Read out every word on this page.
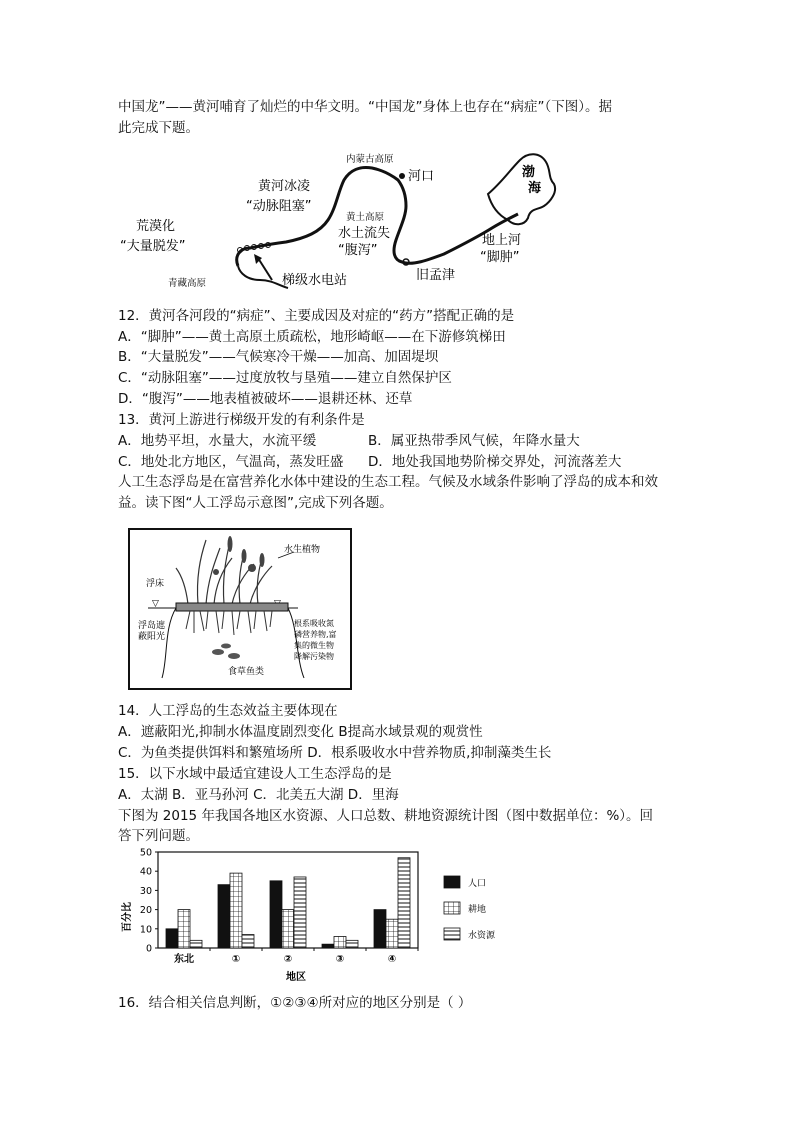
中国龙”——黄河哺育了灿烂的中华文明。“中国龙”身体上也存在“病症”（下图）。据
此完成下题。
内蒙古高原
河口	渤
海
黄河冰凌
“动脉阻塞”
黄土高原
水土流失
“腹泻”
荒漠化
“大量脱发”	地上河
“脚肿”
青藏高原	梯级水电站	旧孟津
12．黄河各河段的“病症”、主要成因及对症的“药方”搭配正确的是
A．“脚肿”——黄土高原土质疏松，地形崎岖——在下游修筑梯田
B．“大量脱发”——气候寒冷干燥——加高、加固堤坝
C．“动脉阻塞”——过度放牧与垦殖——建立自然保护区
D．“腹泻”——地表植被破坏——退耕还林、还草
13．黄河上游进行梯级开发的有利条件是
A．地势平坦，水量大，水流平缓	B．属亚热带季风气候，年降水量大
C．地处北方地区，气温高，蒸发旺盛 D．地处我国地势阶梯交界处，河流落差大
人工生态浮岛是在富营养化水体中建设的生态工程。气候及水域条件影响了浮岛的成本和效
益。读下图“人工浮岛示意图”,完成下列各题。
▽
水生植物
浮床
浮岛遮
蔽阳光
根系吸收氮
磷营养物,富
集的微生物
降解污染物
食草鱼类
14．人工浮岛的生态效益主要体现在
A．遮蔽阳光,抑制水体温度剧烈变化 B提高水域景观的观赏性
C．为鱼类提供饵料和繁殖场所 D．根系吸收水中营养物质,抑制藻类生长
15．以下水域中最适宜建设人工生态浮岛的是
A．太湖 B．亚马孙河 C．北美五大湖 D．里海
下图为 2015 年我国各地区水资源、人口总数、耕地资源统计图（图中数据单位：%）。回
答下列问题。
0
10
20
30
40
50
东北	①	②	③	④
人口
耕地
水资源
百分比
地区
16．结合相关信息判断，①②③④所对应的地区分别是（ ）
